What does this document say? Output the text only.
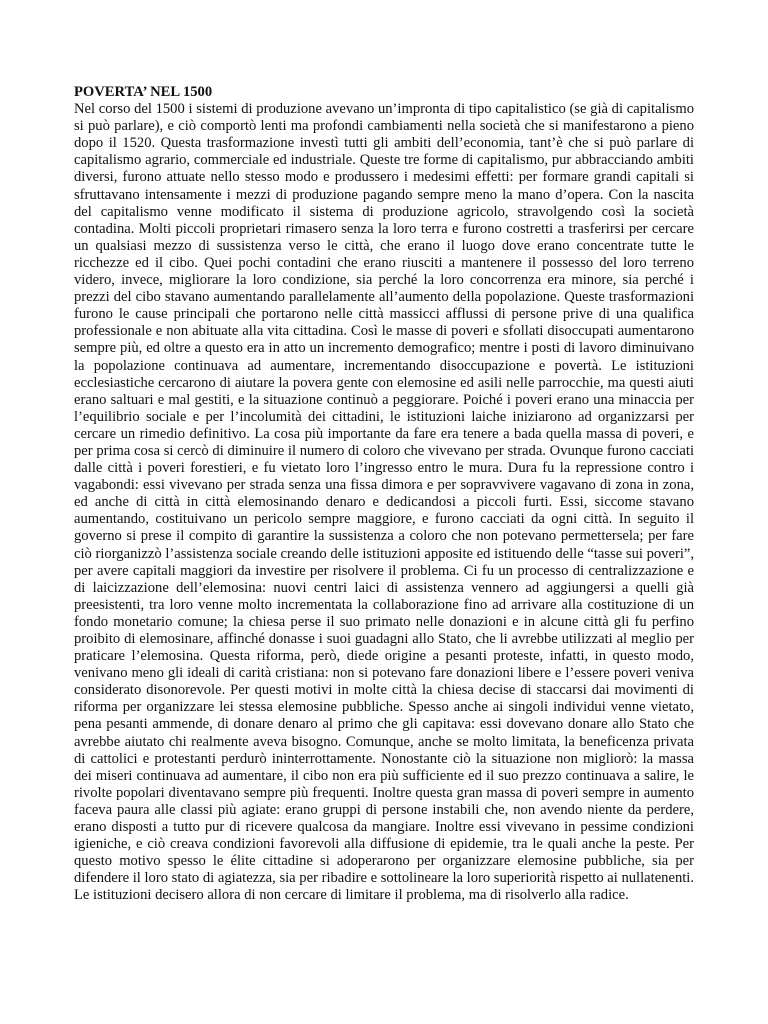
POVERTA’ NEL 1500

Nel corso del 1500 i sistemi di produzione avevano un’impronta di tipo capitalistico (se già di capitalismo si può parlare), e ciò comportò lenti ma profondi cambiamenti nella società che si manifestarono a pieno dopo il 1520. Questa trasformazione investì tutti gli ambiti dell’economia, tant’è che si può parlare di capitalismo agrario, commerciale ed industriale. Queste tre forme di capitalismo, pur abbracciando ambiti diversi, furono attuate nello stesso modo e produssero i medesimi effetti: per formare grandi capitali si sfruttavano intensamente i mezzi di produzione pagando sempre meno la mano d’opera. Con la nascita del capitalismo venne modificato il sistema di produzione agricolo, stravolgendo così la società contadina. Molti piccoli proprietari rimasero senza la loro terra e furono costretti a trasferirsi per cercare un qualsiasi mezzo di sussistenza verso le città, che erano il luogo dove erano concentrate tutte le ricchezze ed il cibo. Quei pochi contadini che erano riusciti a mantenere il possesso del loro terreno videro, invece, migliorare la loro condizione, sia perché la loro concorrenza era minore, sia perché i prezzi del cibo stavano aumentando parallelamente all’aumento della popolazione. Queste trasformazioni furono le cause principali che portarono nelle città massicci afflussi di persone prive di una qualifica professionale e non abituate alla vita cittadina. Così le masse di poveri e sfollati disoccupati aumentarono sempre più, ed oltre a questo era in atto un incremento demografico; mentre i posti di lavoro diminuivano la popolazione continuava ad aumentare, incrementando disoccupazione e povertà. Le istituzioni ecclesiastiche cercarono di aiutare la povera gente con elemosine ed asili nelle parrocchie, ma questi aiuti erano saltuari e mal gestiti, e la situazione continuò a peggiorare. Poiché i poveri erano una minaccia per l’equilibrio sociale e per l’incolumità dei cittadini, le istituzioni laiche iniziarono ad organizzarsi per cercare un rimedio definitivo. La cosa più importante da fare era tenere a bada quella massa di poveri, e per prima cosa si cercò di diminuire il numero di coloro che vivevano per strada. Ovunque furono cacciati dalle città i poveri forestieri, e fu vietato loro l’ingresso entro le mura. Dura fu la repressione contro i vagabondi: essi vivevano per strada senza una fissa dimora e per sopravvivere vagavano di zona in zona, ed anche di città in città elemosinando denaro e dedicandosi a piccoli furti. Essi, siccome stavano aumentando, costituivano un pericolo sempre maggiore, e furono cacciati da ogni città. In seguito il governo si prese il compito di garantire la sussistenza a coloro che non potevano permettersela; per fare ciò riorganizzò l’assistenza sociale creando delle istituzioni apposite ed istituendo delle “tasse sui poveri”, per avere capitali maggiori da investire per risolvere il problema. Ci fu un processo di centralizzazione e di laicizzazione dell’elemosina: nuovi centri laici di assistenza vennero ad aggiungersi a quelli già preesistenti, tra loro venne molto incrementata la collaborazione fino ad arrivare alla costituzione di un fondo monetario comune; la chiesa perse il suo primato nelle donazioni e in alcune città gli fu perfino proibito di elemosinare, affinché donasse i suoi guadagni allo Stato, che li avrebbe utilizzati al meglio per praticare l’elemosina. Questa riforma, però, diede origine a pesanti proteste, infatti, in questo modo, venivano meno gli ideali di carità cristiana: non si potevano fare donazioni libere e l’essere poveri veniva considerato disonorevole. Per questi motivi in molte città la chiesa decise di staccarsi dai movimenti di riforma per organizzare lei stessa elemosine pubbliche. Spesso anche ai singoli individui venne vietato, pena pesanti ammende, di donare denaro al primo che gli capitava: essi dovevano donare allo Stato che avrebbe aiutato chi realmente aveva bisogno. Comunque, anche se molto limitata, la beneficenza privata di cattolici e protestanti perdurò ininterrottamente. Nonostante ciò la situazione non migliorò: la massa dei miseri continuava ad aumentare, il cibo non era più sufficiente ed il suo prezzo continuava a salire, le rivolte popolari diventavano sempre più frequenti. Inoltre questa gran massa di poveri sempre in aumento faceva paura alle classi più agiate: erano gruppi di persone instabili che, non avendo niente da perdere, erano disposti a tutto pur di ricevere qualcosa da mangiare. Inoltre essi vivevano in pessime condizioni igieniche, e ciò creava condizioni favorevoli alla diffusione di epidemie, tra le quali anche la peste. Per questo motivo spesso le élite cittadine si adoperarono per organizzare elemosine pubbliche, sia per difendere il loro stato di agiatezza, sia per ribadire e sottolineare la loro superiorità rispetto ai nullatenenti. Le istituzioni decisero allora di non cercare di limitare il problema, ma di risolverlo alla radice.
